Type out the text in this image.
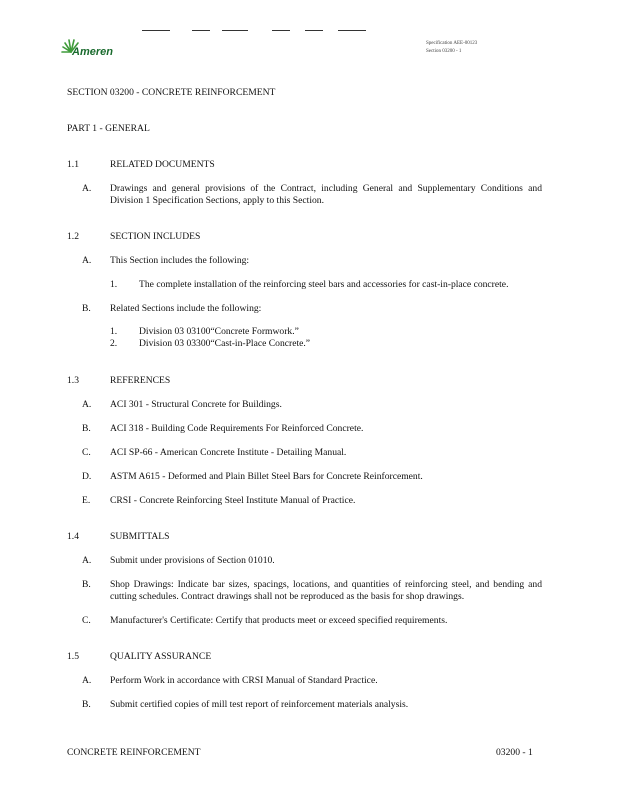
Ameren
Specification AEE-00123
Section 03200 - 1
SECTION 03200 - CONCRETE REINFORCEMENT
PART 1 - GENERAL
1.1	RELATED DOCUMENTS
A. Drawings and general provisions of the Contract, including General and Supplementary Conditions and Division 1 Specification Sections, apply to this Section.
1.2	SECTION INCLUDES
A. This Section includes the following:
1. The complete installation of the reinforcing steel bars and accessories for cast-in-place concrete.
B. Related Sections include the following:
1. Division 03 03100“Concrete Formwork.”
2. Division 03 03300“Cast-in-Place Concrete.”
1.3	REFERENCES
A. ACI 301 - Structural Concrete for Buildings.
B. ACI 318 - Building Code Requirements For Reinforced Concrete.
C. ACI SP-66 - American Concrete Institute - Detailing Manual.
D. ASTM A615 - Deformed and Plain Billet Steel Bars for Concrete Reinforcement.
E. CRSI - Concrete Reinforcing Steel Institute Manual of Practice.
1.4	SUBMITTALS
A. Submit under provisions of Section 01010.
B. Shop Drawings: Indicate bar sizes, spacings, locations, and quantities of reinforcing steel, and bending and cutting schedules. Contract drawings shall not be reproduced as the basis for shop drawings.
C. Manufacturer's Certificate: Certify that products meet or exceed specified requirements.
1.5	QUALITY ASSURANCE
A. Perform Work in accordance with CRSI Manual of Standard Practice.
B. Submit certified copies of mill test report of reinforcement materials analysis.
CONCRETE REINFORCEMENT	03200 - 1
